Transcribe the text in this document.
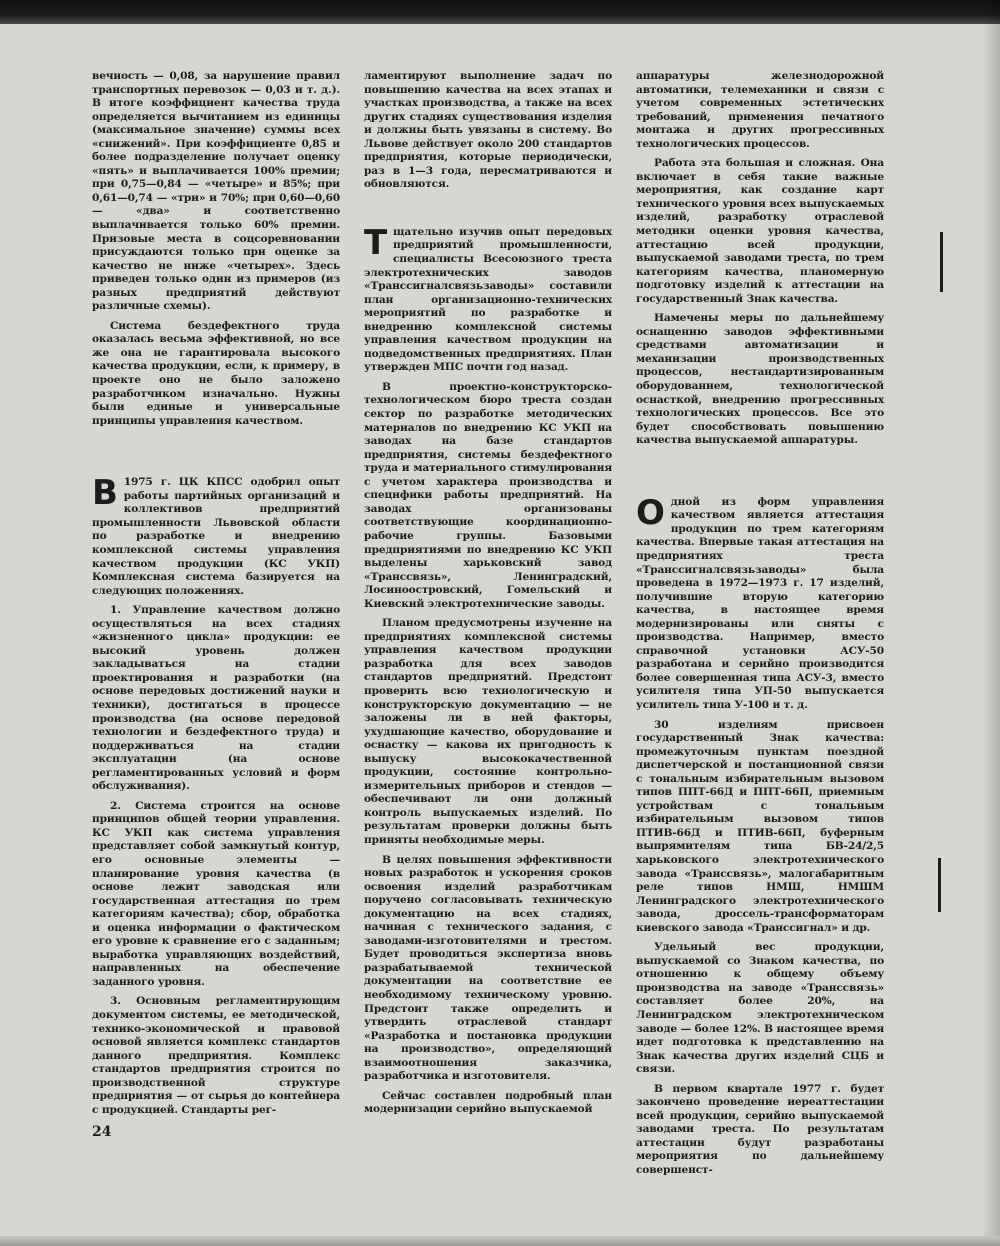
вечность — 0,08, за нарушение правил транспортных перевозок — 0,03 и т. д.). В итоге коэффициент качества труда определяется вычитанием из единицы (максимальное значение) суммы всех «снижений». При коэффициенте 0,85 и более подразделение получает оценку «пять» и выплачивается 100% премии; при 0,75—0,84 — «четыре» и 85%; при 0,61—0,74 — «три» и 70%; при 0,60—0,60 — «два» и соответственно выплачивается только 60% премии. Призовые места в соцсоревновании присуждаются только при оценке за качество не ниже «четырех». Здесь приведен только один из примеров (из разных предприятий действуют различные схемы).

Система бездефектного труда оказалась весьма эффективной, но все же она не гарантировала высокого качества продукции, если, к примеру, в проекте оно не было заложено разработчиком изначально. Нужны были единые и универсальные принципы управления качеством.

В 1975 г. ЦК КПСС одобрил опыт работы партийных организаций и коллективов предприятий промышленности Львовской области по разработке и внедрению комплексной системы управления качеством продукции (КС УКП) Комплексная система базируется на следующих положениях.

1. Управление качеством должно осуществляться на всех стадиях «жизненного цикла» продукции: ее высокий уровень должен закладываться на стадии проектирования и разработки (на основе передовых достижений науки и техники), достигаться в процессе производства (на основе передовой технологии и бездефектного труда) и поддерживаться на стадии эксплуатации (на основе регламентированных условий и форм обслуживания).

2. Система строится на основе принципов общей теории управления. КС УКП как система управления представляет собой замкнутый контур, его основные элементы — планирование уровня качества (в основе лежит заводская или государственная аттестация по трем категориям качества); сбор, обработка и оценка информации о фактическом его уровне к сравнение его с заданным; выработка управляющих воздействий, направленных на обеспечение заданного уровня.

3. Основным регламентирующим документом системы, ее методической, технико-экономической и правовой основой является комплекс стандартов данного предприятия. Комплекс стандартов предприятия строится по производственной структуре предприятия — от сырья до контейнера с продукцией. Стандарты рег-

ламентируют выполнение задач по повышению качества на всех этапах и участках производства, а также на всех других стадиях существования изделия и должны быть увязаны в систему. Во Львове действует около 200 стандартов предприятия, которые периодически, раз в 1—3 года, пересматриваются и обновляются.

Тщательно изучив опыт передовых предприятий промышленности, специалисты Всесоюзного треста электротехнических заводов «Транссигналсвязьзаводы» составили план организационно-технических мероприятий по разработке и внедрению комплексной системы управления качеством продукции на подведомственных предприятиях. План утвержден МПС почти год назад.

В проектно-конструкторско-технологическом бюро треста создан сектор по разработке методических материалов по внедрению КС УКП на заводах на базе стандартов предприятия, системы бездефектного труда и материального стимулирования с учетом характера производства и специфики работы предприятий. На заводах организованы соответствующие координационно-рабочие группы. Базовыми предприятиями по внедрению КС УКП выделены харьковский завод «Транссвязь», Ленинградский, Лосиноостровский, Гомельский и Киевский электротехнические заводы.

Планом предусмотрены изучение на предприятиях комплексной системы управления качеством продукции разработка для всех заводов стандартов предприятий. Предстоит проверить всю технологическую и конструкторскую документацию — не заложены ли в ней факторы, ухудшающие качество, оборудование и оснастку — какова их пригодность к выпуску высококачественной продукции, состояние контрольно-измерительных приборов и стендов — обеспечивают ли они должный контроль выпускаемых изделий. По результатам проверки должны быть приняты необходимые меры.

В целях повышения эффективности новых разработок и ускорения сроков освоения изделий разработчикам поручено согласовывать техническую документацию на всех стадиях, начиная с технического задания, с заводами-изготовителями и трестом. Будет проводиться экспертиза вновь разрабатываемой технической документации на соответствие ее необходимому техническому уровню. Предстоит также определить и утвердить отраслевой стандарт «Разработка и постановка продукции на производство», определяющий взаимоотношения заказчика, разработчика и изготовителя.

Сейчас составлен подробный план модернизации серийно выпускаемой

аппаратуры железнодорожной автоматики, телемеханики и связи с учетом современных эстетических требований, применения печатного монтажа и других прогрессивных технологических процессов.

Работа эта большая и сложная. Она включает в себя такие важные мероприятия, как создание карт технического уровня всех выпускаемых изделий, разработку отраслевой методики оценки уровня качества, аттестацию всей продукции, выпускаемой заводами треста, по трем категориям качества, планомерную подготовку изделий к аттестации на государственный Знак качества.

Намечены меры по дальнейшему оснащению заводов эффективными средствами автоматизации и механизации производственных процессов, нестандартизированным оборудованием, технологической оснасткой, внедрению прогрессивных технологических процессов. Все это будет способствовать повышению качества выпускаемой аппаратуры.

Одной из форм управления качеством является аттестация продукции по трем категориям качества. Впервые такая аттестация на предприятиях треста «Транссигналсвязьзаводы» была проведена в 1972—1973 г. 17 изделий, получившие вторую категорию качества, в настоящее время модернизированы или сняты с производства. Например, вместо справочной установки АСУ-50 разработана и серийно производится более совершенная типа АСУ-3, вместо усилителя типа УП-50 выпускается усилитель типа У-100 и т. д.

30 изделиям присвоен государственный Знак качества: промежуточным пунктам поездной диспетчерской и постанционной связи с тональным избирательным вызовом типов ППТ-66Д и ППТ-66П, приемным устройствам с тональным избирательным вызовом типов ПТИВ-66Д и ПТИВ-66П, буферным выпрямителям типа БВ-24/2,5 харьковского электротехнического завода «Транссвязь», малогабаритным реле типов НМШ, НМШМ Ленинградского электротехнического завода, дроссель-трансформаторам киевского завода «Транссигнал» и др.

Удельный вес продукции, выпускаемой со Знаком качества, по отношению к общему объему производства на заводе «Транссвязь» составляет более 20%, на Ленинградском электротехническом заводе — более 12%. В настоящее время идет подготовка к представлению на Знак качества других изделий СЦБ и связи.

В первом квартале 1977 г. будет закончено проведение иереаттестации всей продукции, серийно выпускаемой заводами треста. По результатам аттестации будут разработаны мероприятия по дальнейшему совершенст-

24
